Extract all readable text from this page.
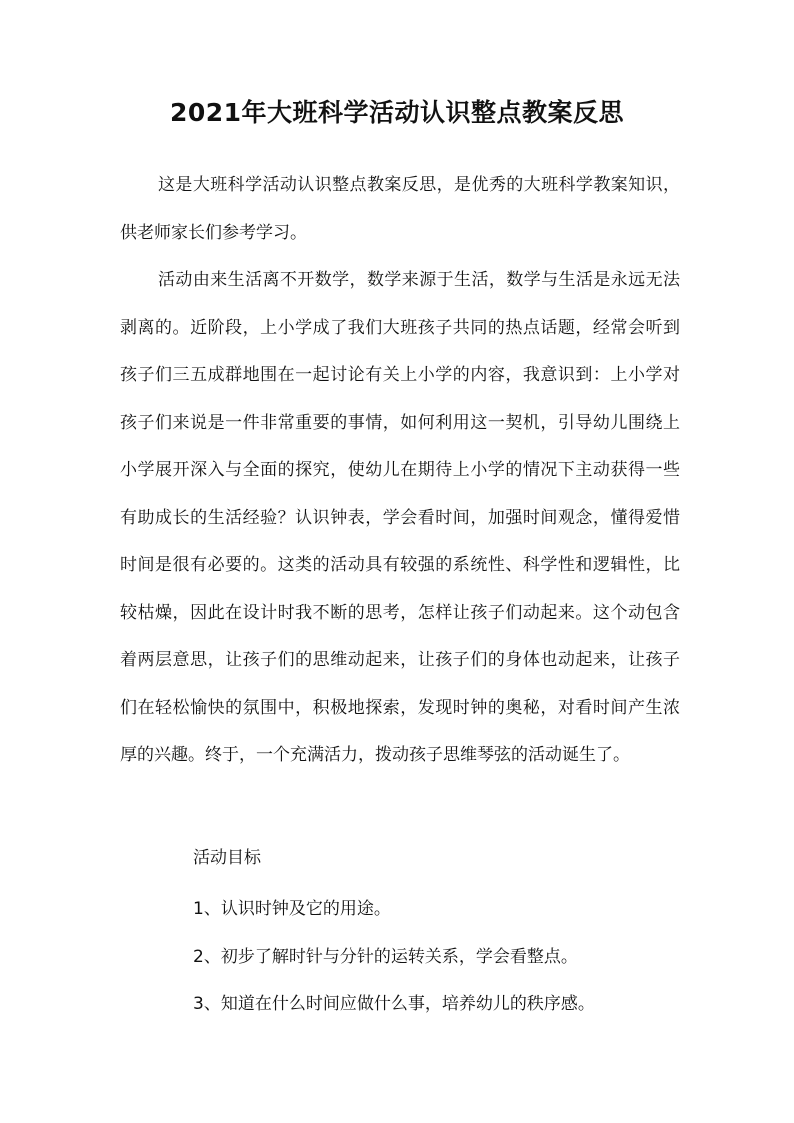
2021年大班科学活动认识整点教案反思

这是大班科学活动认识整点教案反思，是优秀的大班科学教案知识，供老师家长们参考学习。

活动由来生活离不开数学，数学来源于生活，数学与生活是永远无法剥离的。近阶段，上小学成了我们大班孩子共同的热点话题，经常会听到孩子们三五成群地围在一起讨论有关上小学的内容，我意识到：上小学对孩子们来说是一件非常重要的事情，如何利用这一契机，引导幼儿围绕上小学展开深入与全面的探究，使幼儿在期待上小学的情况下主动获得一些有助成长的生活经验？认识钟表，学会看时间，加强时间观念，懂得爱惜时间是很有必要的。这类的活动具有较强的系统性、科学性和逻辑性，比较枯燥，因此在设计时我不断的思考，怎样让孩子们动起来。这个动包含着两层意思，让孩子们的思维动起来，让孩子们的身体也动起来，让孩子们在轻松愉快的氛围中，积极地探索，发现时钟的奥秘，对看时间产生浓厚的兴趣。终于，一个充满活力，拨动孩子思维琴弦的活动诞生了。

活动目标

1、认识时钟及它的用途。

2、初步了解时针与分针的运转关系，学会看整点。

3、知道在什么时间应做什么事，培养幼儿的秩序感。
